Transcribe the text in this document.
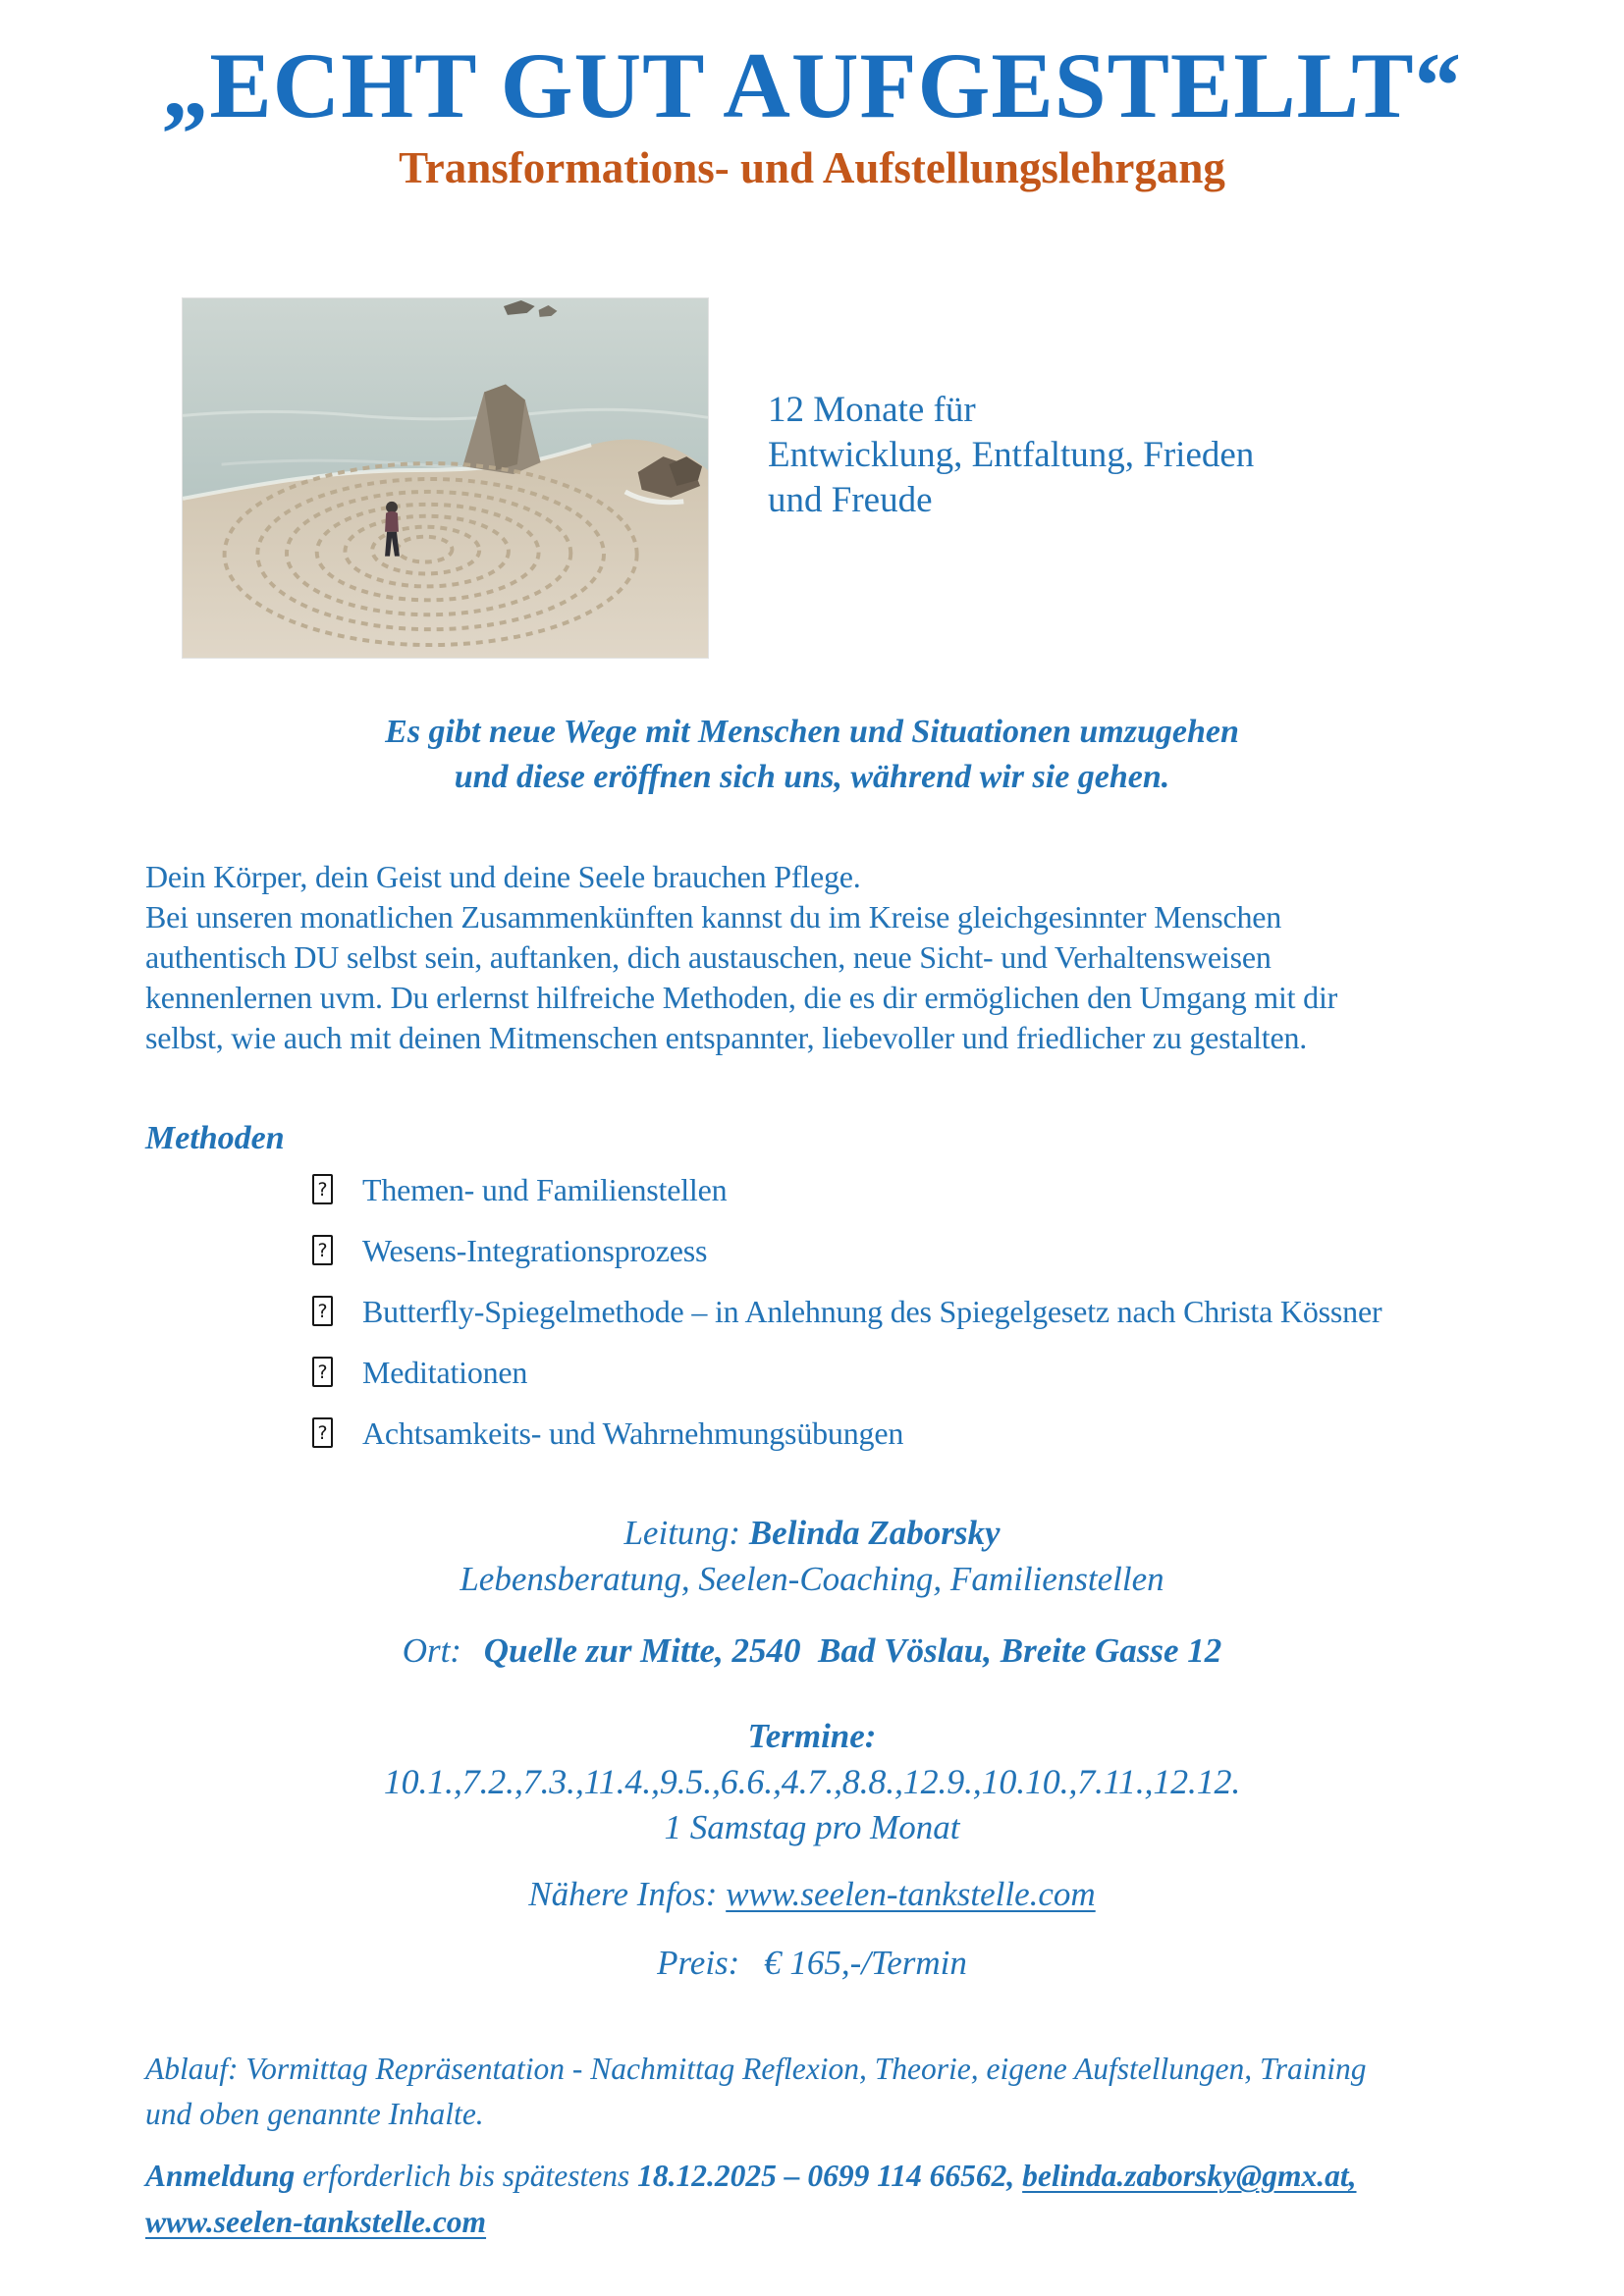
„ECHT GUT AUFGESTELLT“
Transformations- und Aufstellungslehrgang
12 Monate für
Entwicklung, Entfaltung, Frieden
und Freude
Es gibt neue Wege mit Menschen und Situationen umzugehen
und diese eröffnen sich uns, während wir sie gehen.
Dein Körper, dein Geist und deine Seele brauchen Pflege.
Bei unseren monatlichen Zusammenkünften kannst du im Kreise gleichgesinnter Menschen
authentisch DU selbst sein, auftanken, dich austauschen, neue Sicht- und Verhaltensweisen
kennenlernen uvm. Du erlernst hilfreiche Methoden, die es dir ermöglichen den Umgang mit dir
selbst, wie auch mit deinen Mitmenschen entspannter, liebevoller und friedlicher zu gestalten.
Methoden
? Themen- und Familienstellen
? Wesens-Integrationsprozess
? Butterfly-Spiegelmethode – in Anlehnung des Spiegelgesetz nach Christa Kössner
? Meditationen
? Achtsamkeits- und Wahrnehmungsübungen
Leitung: Belinda Zaborsky
Lebensberatung, Seelen-Coaching, Familienstellen
Ort: Quelle zur Mitte, 2540  Bad Vöslau, Breite Gasse 12
Termine:
10.1.,7.2.,7.3.,11.4.,9.5.,6.6.,4.7.,8.8.,12.9.,10.10.,7.11.,12.12.
1 Samstag pro Monat
Nähere Infos: www.seelen-tankstelle.com
Preis: € 165,-/Termin
Ablauf: Vormittag Repräsentation - Nachmittag Reflexion, Theorie, eigene Aufstellungen, Training
und oben genannte Inhalte.
Anmeldung erforderlich bis spätestens 18.12.2025 – 0699 114 66562, belinda.zaborsky@gmx.at,
www.seelen-tankstelle.com
